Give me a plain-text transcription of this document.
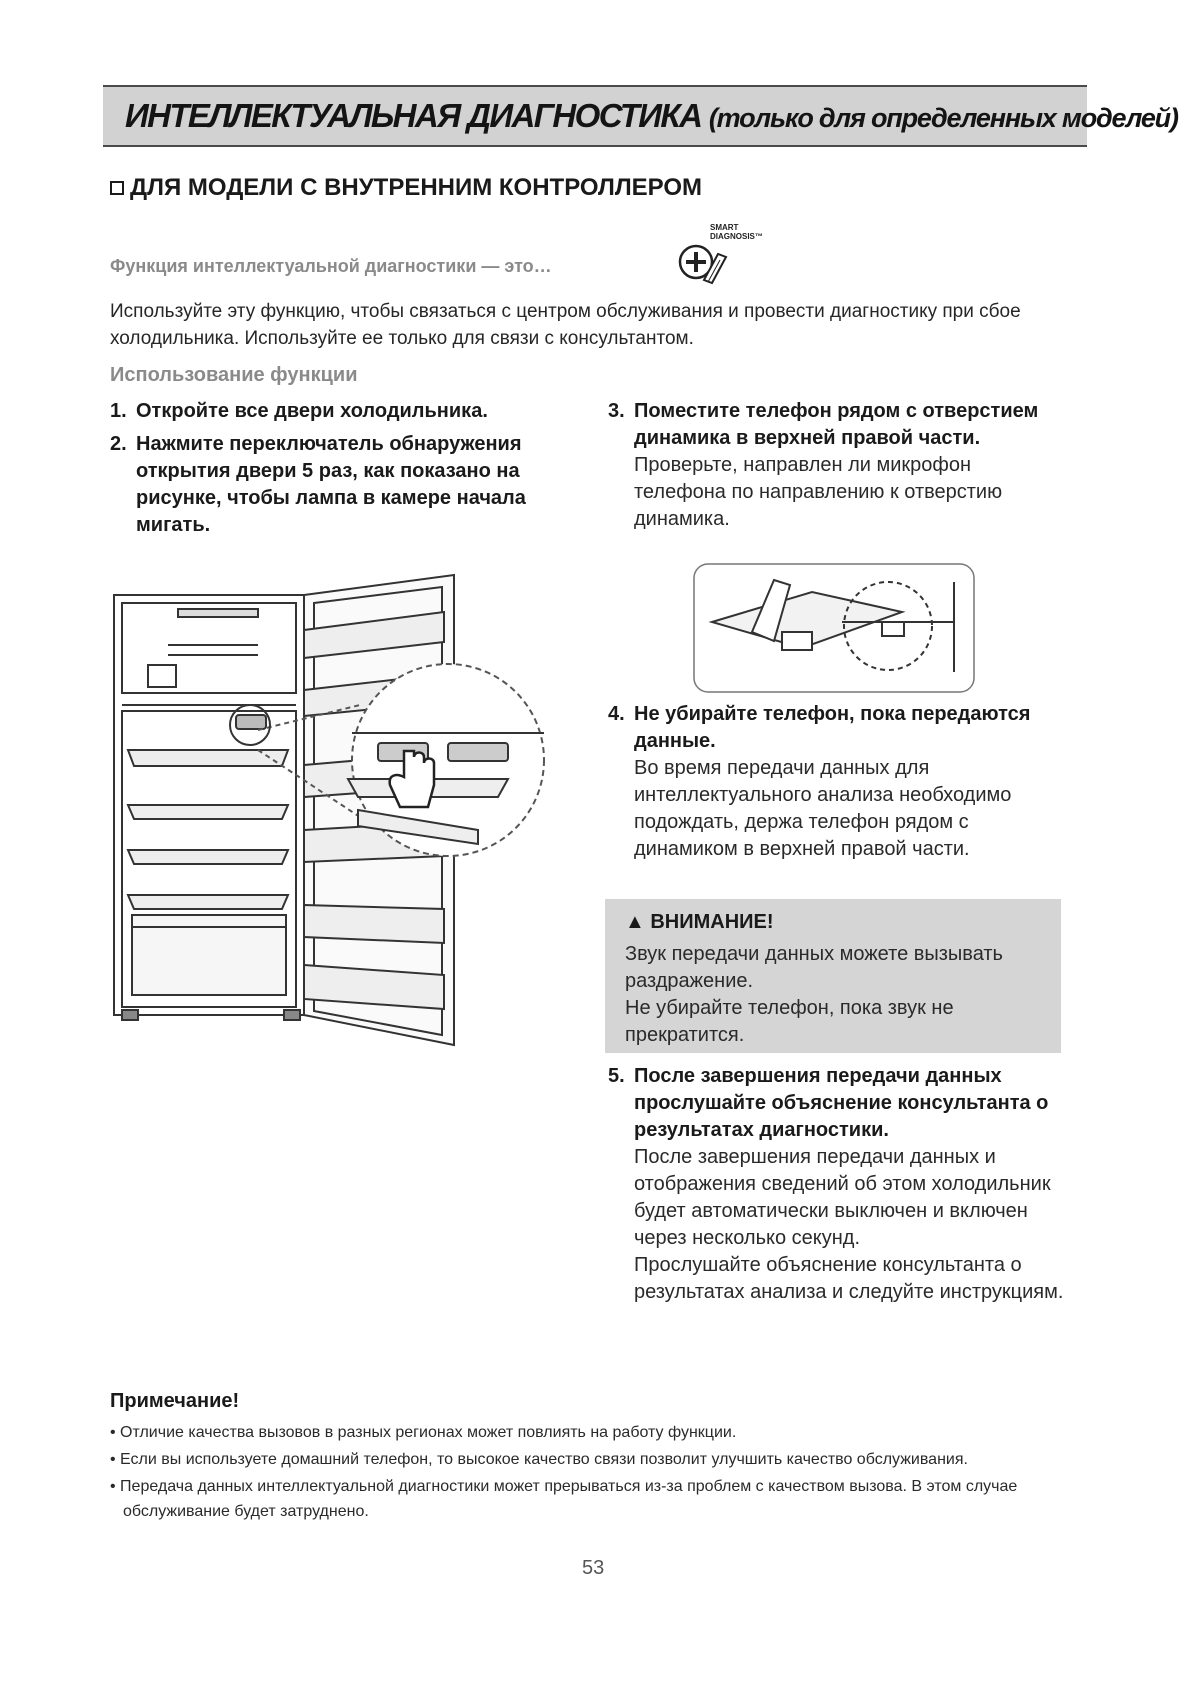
ИНТЕЛЛЕКТУАЛЬНАЯ ДИАГНОСТИКА (только для определенных моделей)
ДЛЯ МОДЕЛИ С ВНУТРЕННИМ КОНТРОЛЛЕРОМ
Функция интеллектуальной диагностики — это…
SMART
DIAGNOSIS™
Используйте эту функцию, чтобы связаться с центром обслуживания и провести диагностику при сбое холодильника. Используйте ее только для связи с консультантом.
Использование функции
1. Откройте все двери холодильника.
2. Нажмите переключатель обнаружения открытия двери 5 раз, как показано на рисунке, чтобы лампа в камере начала мигать.
3. Поместите телефон рядом с отверстием динамика в верхней правой части.
Проверьте, направлен ли микрофон телефона по направлению к отверстию динамика.
4. Не убирайте телефон, пока передаются данные.
Во время передачи данных для интеллектуального анализа необходимо подождать, держа телефон рядом с динамиком в верхней правой части.
▲ ВНИМАНИЕ!
Звук передачи данных можете вызывать раздражение.
Не убирайте телефон, пока звук не прекратится.
5. После завершения передачи данных прослушайте объяснение консультанта о результатах диагностики.
После завершения передачи данных и отображения сведений об этом холодильник будет автоматически выключен и включен через несколько секунд.
Прослушайте объяснение консультанта о результатах анализа и следуйте инструкциям.
Примечание!
• Отличие качества вызовов в разных регионах может повлиять на работу функции.
• Если вы используете домашний телефон, то высокое качество связи позволит улучшить качество обслуживания.
• Передача данных интеллектуальной диагностики может прерываться из-за проблем с качеством вызова. В этом случае обслуживание будет затруднено.
53
